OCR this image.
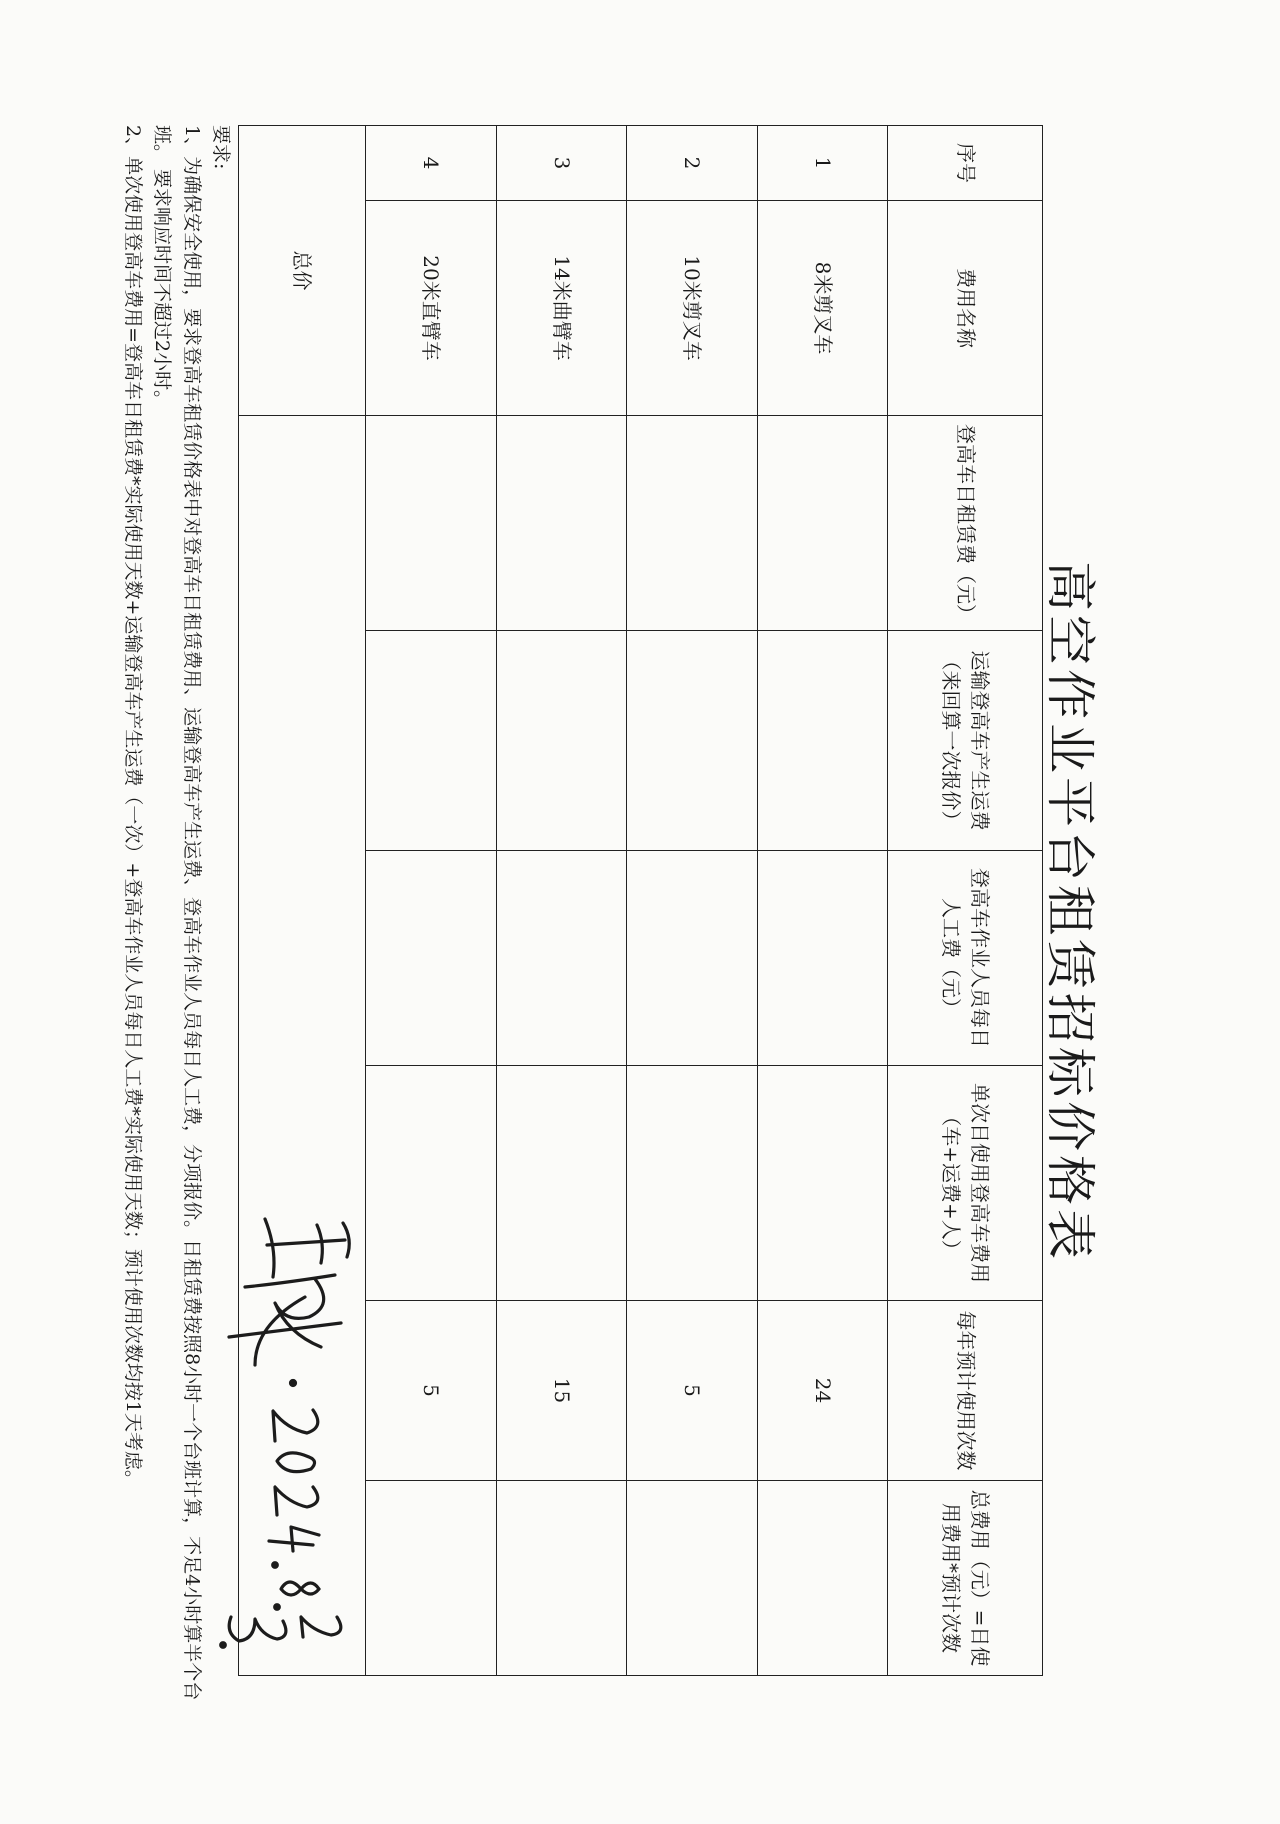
高空作业平台租赁招标价格表
序号	费用名称	登高车日租赁费（元）	运输登高车产生运费（来回算一次报价）	登高车作业人员每日人工费（元）	单次日使用登高车费用（车+运费+人）	每年预计使用次数	总费用（元）=日使用费用*预计次数
1	8米剪叉车					24	
2	10米剪叉车					5	
3	14米曲臂车					15	
4	20米直臂车					5	
总价							

要求:

1、为确保安全使用，要求登高车租赁价格表中对登高车日租赁费用、运输登高车产生运费、登高车作业人员每日人工费，分项报价。日租赁费按照8小时一个台班计算，不足4小时算半个台班。 要求响应时间不超过2小时。

2、单次使用登高车费用=登高车日租赁费*实际使用天数+运输登高车产生运费（一次）+登高车作业人员每日人工费*实际使用天数；预计使用次数均按1天考虑。
